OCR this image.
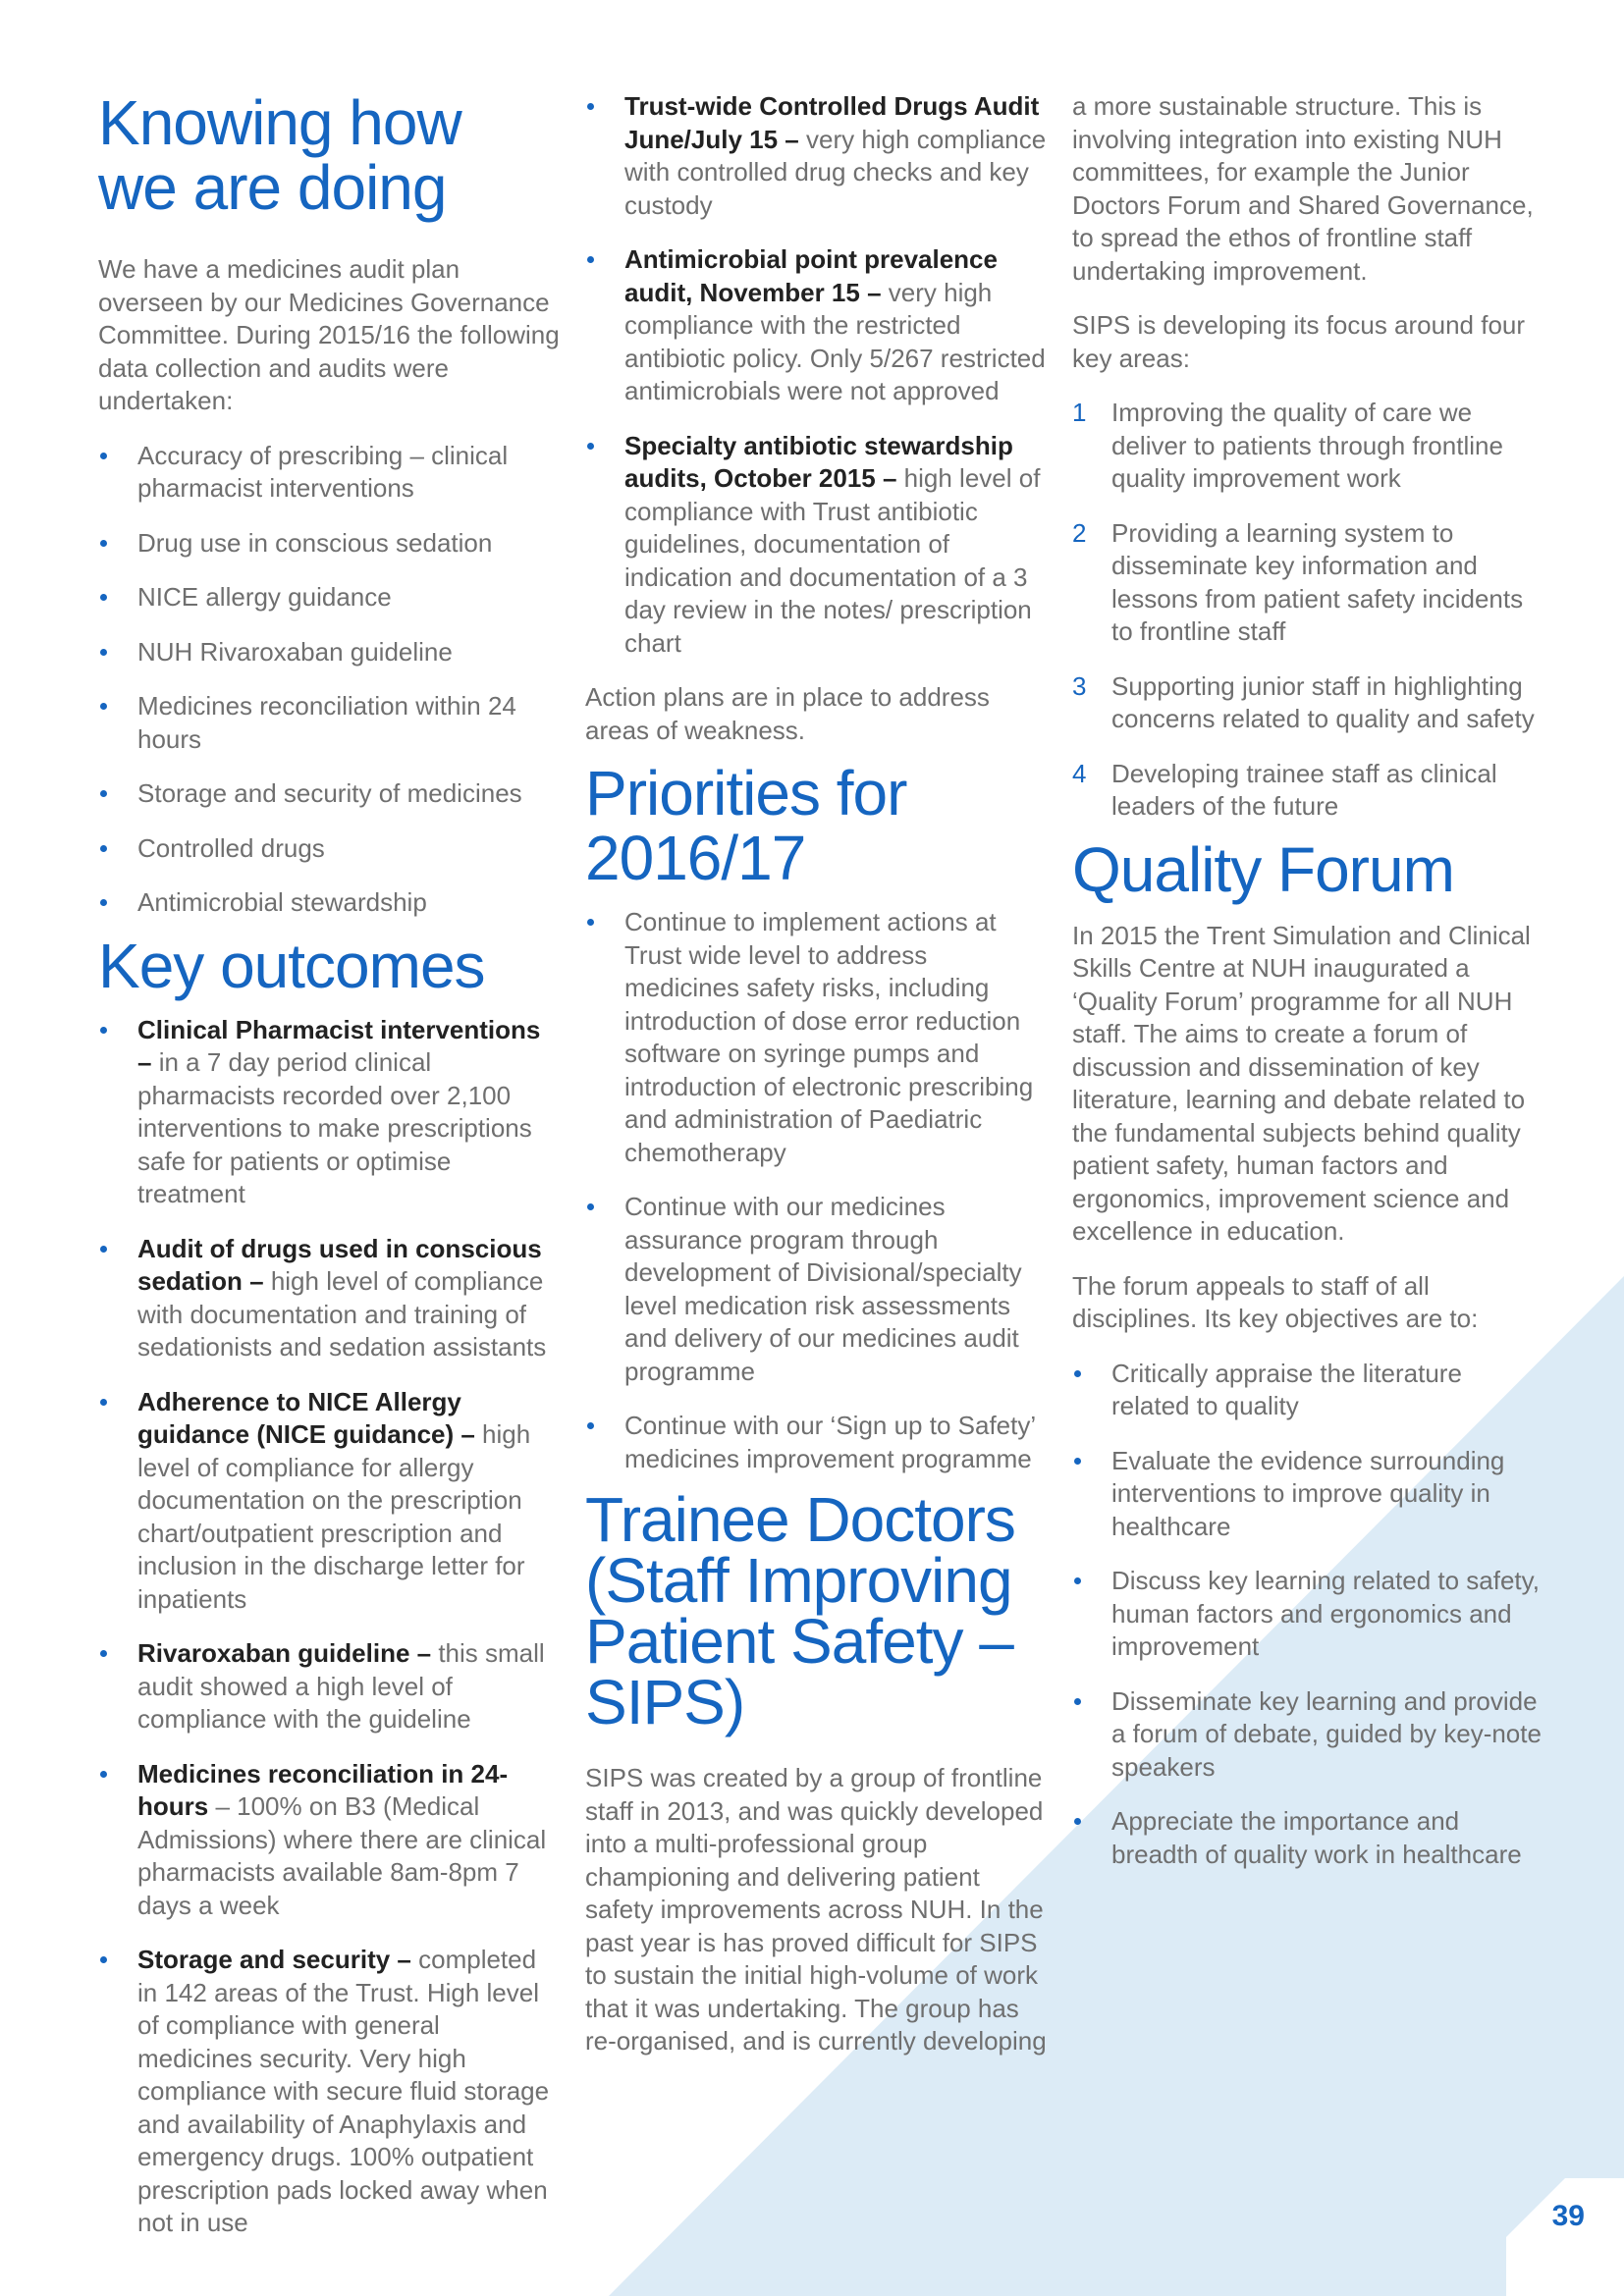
Knowing how
we are doing

We have a medicines audit plan overseen by our Medicines Governance Committee. During 2015/16 the following data collection and audits were undertaken:

Accuracy of prescribing – clinical pharmacist interventions
Drug use in conscious sedation
NICE allergy guidance
NUH Rivaroxaban guideline
Medicines reconciliation within 24 hours
Storage and security of medicines
Controlled drugs
Antimicrobial stewardship
Key outcomes
Clinical Pharmacist interventions – in a 7 day period clinical pharmacists recorded over 2,100 interventions to make prescriptions safe for patients or optimise treatment
Audit of drugs used in conscious sedation – high level of compliance with documentation and training of sedationists and sedation assistants
Adherence to NICE Allergy guidance (NICE guidance) – high level of compliance for allergy documentation on the prescription chart/outpatient prescription and inclusion in the discharge letter for inpatients
Rivaroxaban guideline – this small audit showed a high level of compliance with the guideline
Medicines reconciliation in 24-hours – 100% on B3 (Medical Admissions) where there are clinical pharmacists available 8am-8pm 7 days a week
Storage and security – completed in 142 areas of the Trust. High level of compliance with general medicines security. Very high compliance with secure fluid storage and availability of Anaphylaxis and emergency drugs. 100% outpatient prescription pads locked away when not in use
Trust-wide Controlled Drugs Audit June/July 15 – very high compliance with controlled drug checks and key custody
Antimicrobial point prevalence audit, November 15 – very high compliance with the restricted antibiotic policy. Only 5/267 restricted antimicrobials were not approved
Specialty antibiotic stewardship audits, October 2015 – high level of compliance with Trust antibiotic guidelines, documentation of indication and documentation of a 3 day review in the notes/ prescription chart

Action plans are in place to address areas of weakness.

Priorities for
2016/17
Continue to implement actions at Trust wide level to address medicines safety risks, including introduction of dose error reduction software on syringe pumps and introduction of electronic prescribing and administration of Paediatric chemotherapy
Continue with our medicines assurance program through development of Divisional/specialty level medication risk assessments and delivery of our medicines audit programme
Continue with our ‘Sign up to Safety’ medicines improvement programme
Trainee Doctors
(Staff Improving
Patient Safety –
SIPS)

SIPS was created by a group of frontline staff in 2013, and was quickly developed into a multi-professional group championing and delivering patient safety improvements across NUH. In the past year is has proved difficult for SIPS to sustain the initial high-volume of work that it was undertaking. The group has re-organised, and is currently developing

a more sustainable structure. This is involving integration into existing NUH committees, for example the Junior Doctors Forum and Shared Governance, to spread the ethos of frontline staff undertaking improvement.

SIPS is developing its focus around four key areas:

1 Improving the quality of care we deliver to patients through frontline quality improvement work
2 Providing a learning system to disseminate key information and lessons from patient safety incidents to frontline staff
3 Supporting junior staff in highlighting concerns related to quality and safety
4 Developing trainee staff as clinical leaders of the future
Quality Forum

In 2015 the Trent Simulation and Clinical Skills Centre at NUH inaugurated a ‘Quality Forum’ programme for all NUH staff. The aims to create a forum of discussion and dissemination of key literature, learning and debate related to the fundamental subjects behind quality patient safety, human factors and ergonomics, improvement science and excellence in education.

The forum appeals to staff of all disciplines. Its key objectives are to:

Critically appraise the literature related to quality
Evaluate the evidence surrounding interventions to improve quality in healthcare
Discuss key learning related to safety, human factors and ergonomics and improvement
Disseminate key learning and provide a forum of debate, guided by key-note speakers
Appreciate the importance and breadth of quality work in healthcare
39
